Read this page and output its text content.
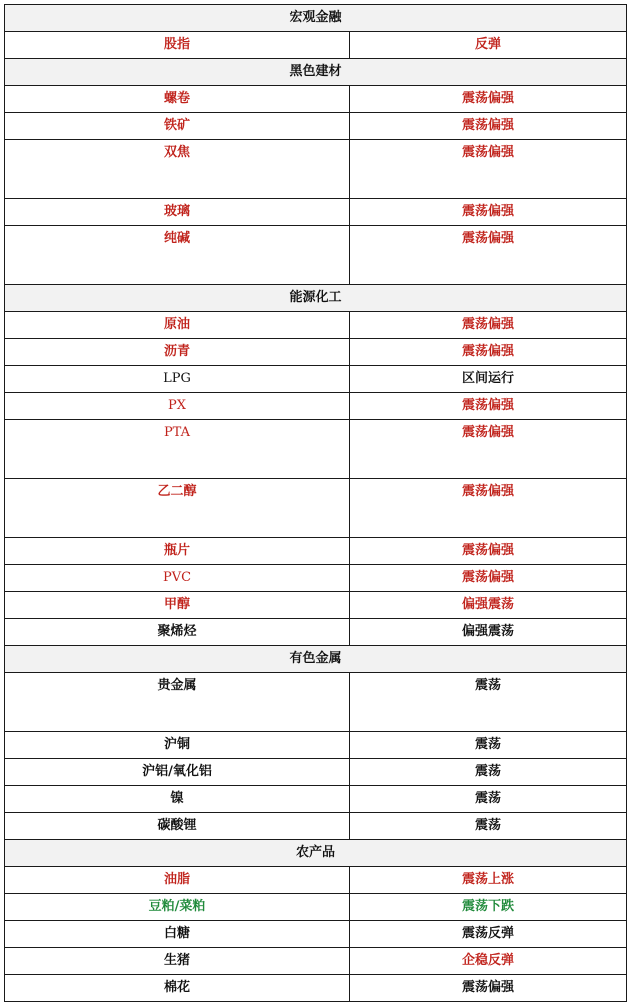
宏观金融	
股指	反弹
黑色建材	
螺卷	震荡偏强
铁矿	震荡偏强
双焦	震荡偏强
玻璃	震荡偏强
纯碱	震荡偏强
能源化工	
原油	震荡偏强
沥青	震荡偏强
LPG	区间运行
PX	震荡偏强
PTA	震荡偏强
乙二醇	震荡偏强
瓶片	震荡偏强
PVC	震荡偏强
甲醇	偏强震荡
聚烯烃	偏强震荡
有色金属	
贵金属	震荡
沪铜	震荡
沪铝/氧化铝	震荡
镍	震荡
碳酸锂	震荡
农产品	
油脂	震荡上涨
豆粕/菜粕	震荡下跌
白糖	震荡反弹
生猪	企稳反弹
棉花	震荡偏强
